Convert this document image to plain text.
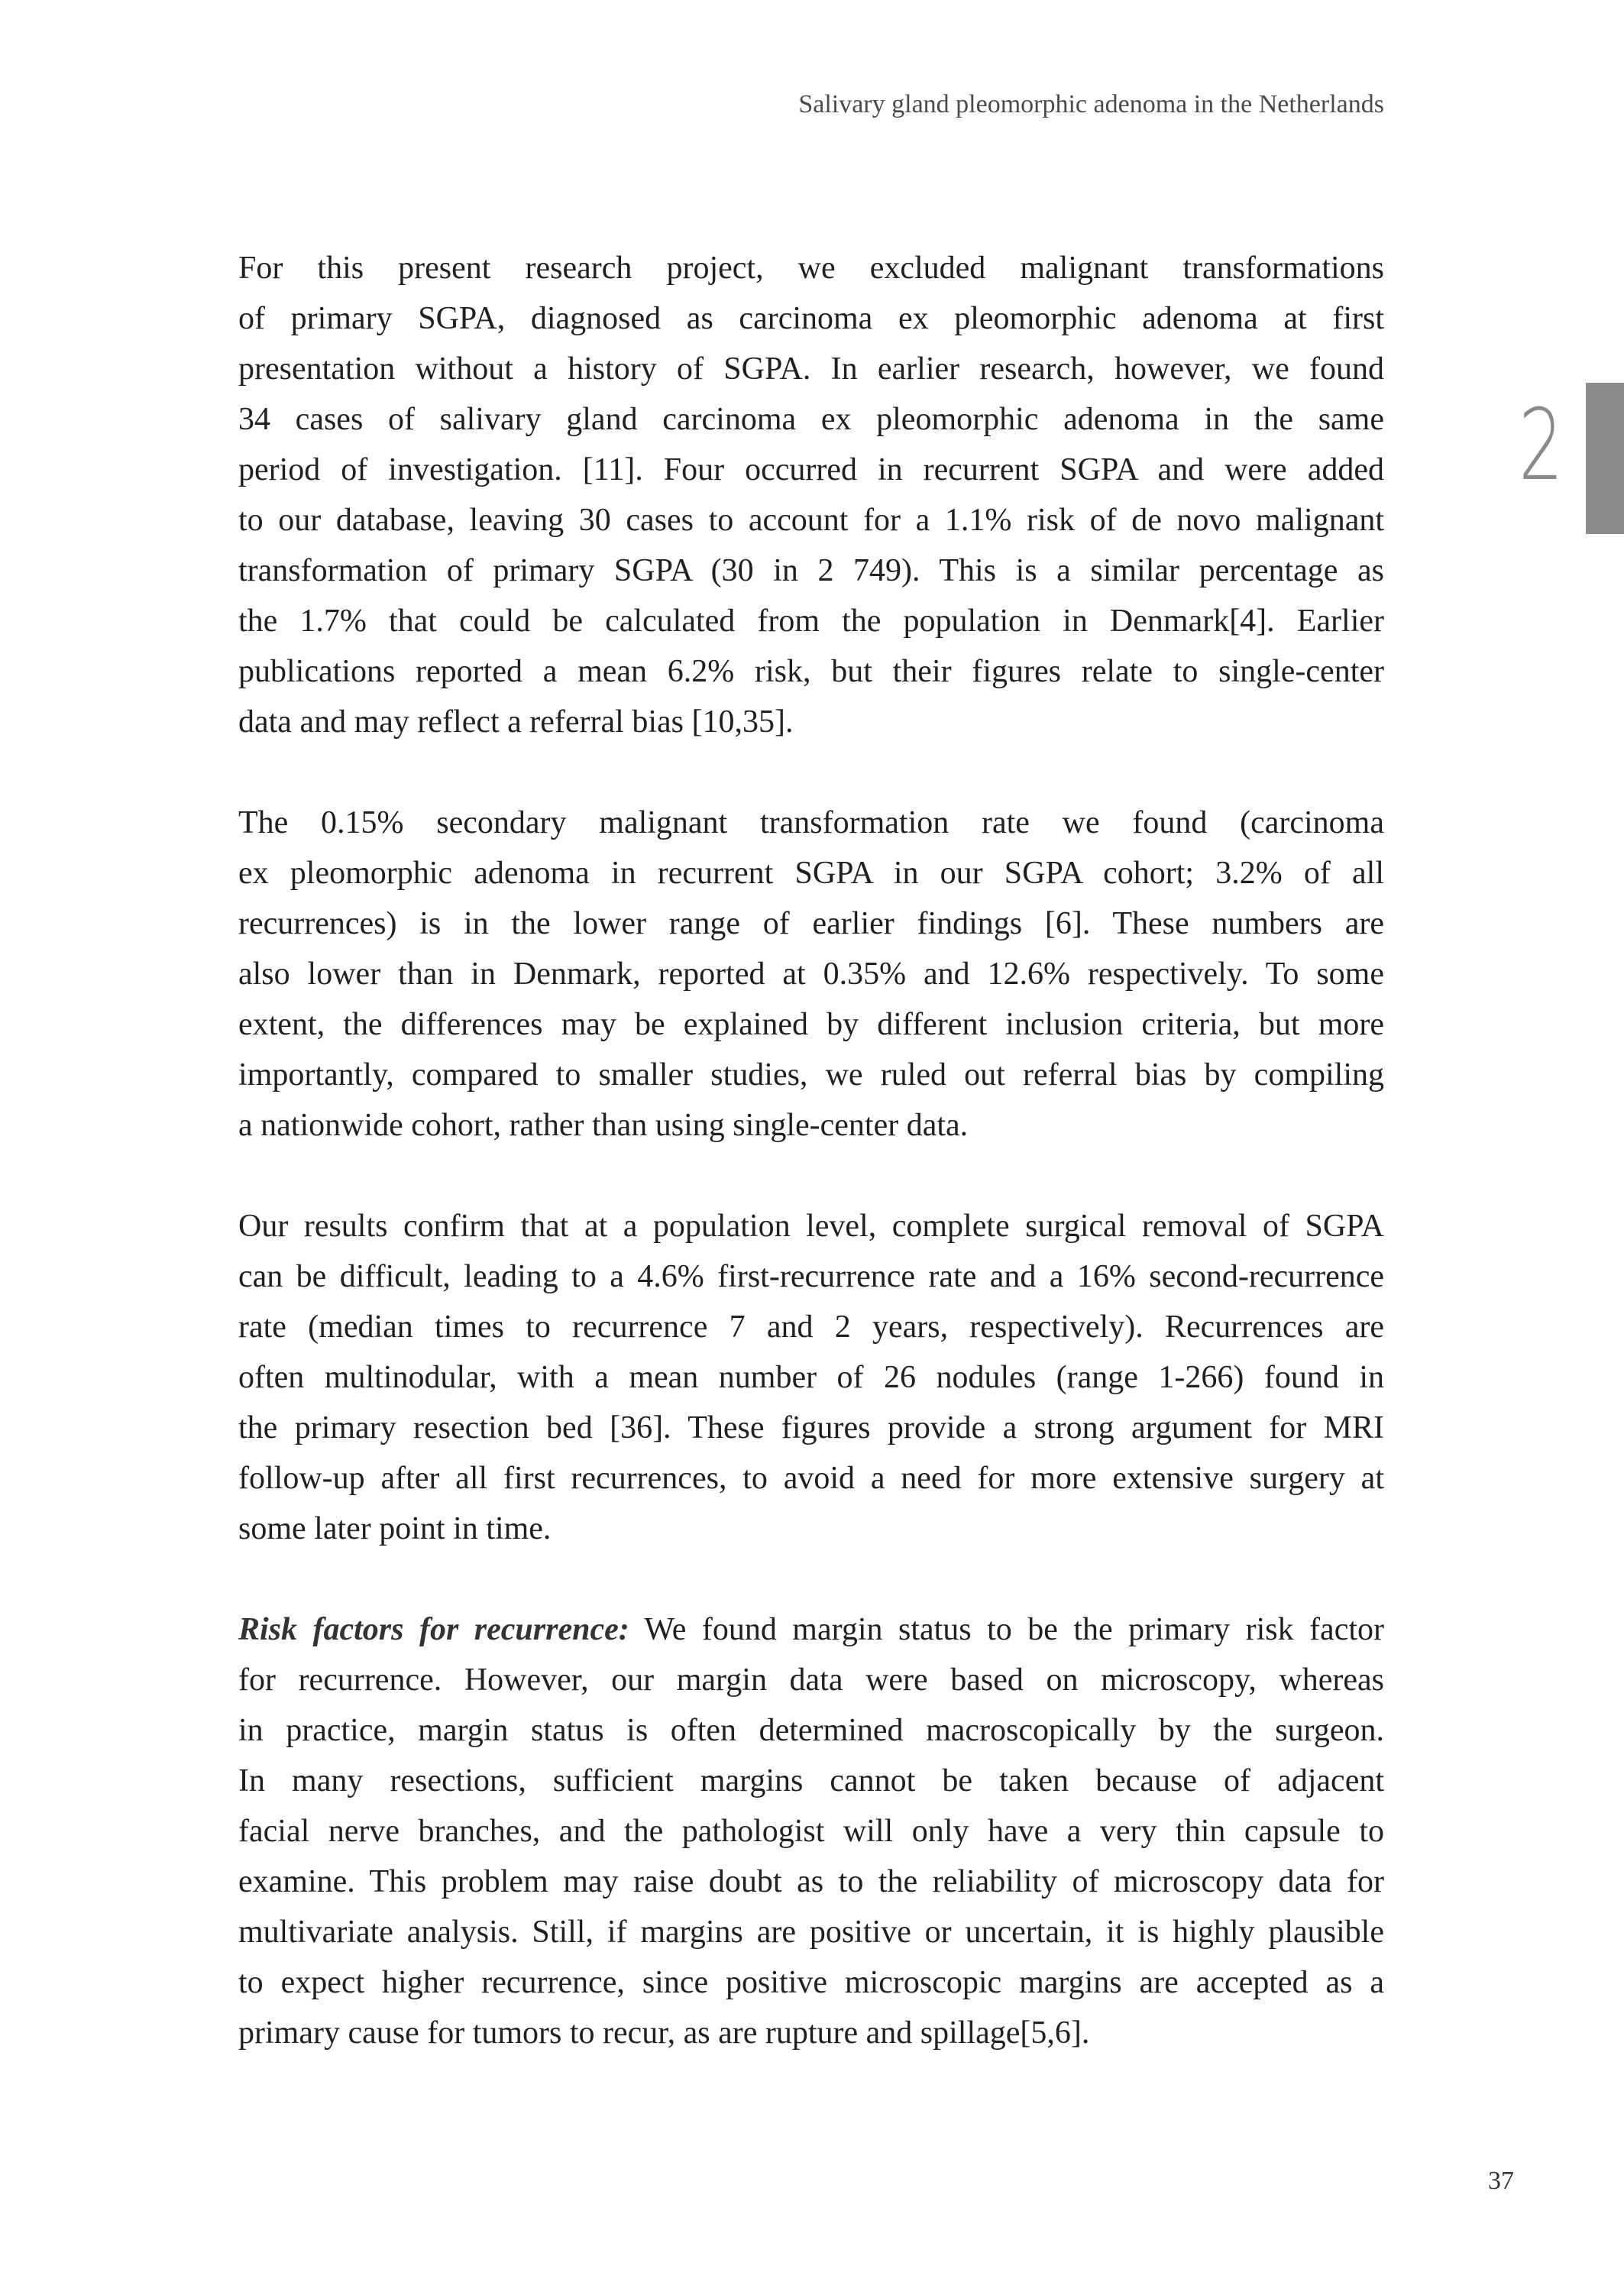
Salivary gland pleomorphic adenoma in the Netherlands
2
For this present research project, we excluded malignant transformations
of primary SGPA, diagnosed as carcinoma ex pleomorphic adenoma at first
presentation without a history of SGPA. In earlier research, however, we found
34 cases of salivary gland carcinoma ex pleomorphic adenoma in the same
period of investigation. [11]. Four occurred in recurrent SGPA and were added
to our database, leaving 30 cases to account for a 1.1% risk of de novo malignant
transformation of primary SGPA (30 in 2 749). This is a similar percentage as
the 1.7% that could be calculated from the population in Denmark[4]. Earlier
publications reported a mean 6.2% risk, but their figures relate to single-center
data and may reflect a referral bias [10,35].
The 0.15% secondary malignant transformation rate we found (carcinoma
ex pleomorphic adenoma in recurrent SGPA in our SGPA cohort; 3.2% of all
recurrences) is in the lower range of earlier findings [6]. These numbers are
also lower than in Denmark, reported at 0.35% and 12.6% respectively. To some
extent, the differences may be explained by different inclusion criteria, but more
importantly, compared to smaller studies, we ruled out referral bias by compiling
a nationwide cohort, rather than using single-center data.
Our results confirm that at a population level, complete surgical removal of SGPA
can be difficult, leading to a 4.6% first-recurrence rate and a 16% second-recurrence
rate (median times to recurrence 7 and 2 years, respectively). Recurrences are
often multinodular, with a mean number of 26 nodules (range 1-266) found in
the primary resection bed [36]. These figures provide a strong argument for MRI
follow-up after all first recurrences, to avoid a need for more extensive surgery at
some later point in time.
Risk factors for recurrence: We found margin status to be the primary risk factor
for recurrence. However, our margin data were based on microscopy, whereas
in practice, margin status is often determined macroscopically by the surgeon.
In many resections, sufficient margins cannot be taken because of adjacent
facial nerve branches, and the pathologist will only have a very thin capsule to
examine. This problem may raise doubt as to the reliability of microscopy data for
multivariate analysis. Still, if margins are positive or uncertain, it is highly plausible
to expect higher recurrence, since positive microscopic margins are accepted as a
primary cause for tumors to recur, as are rupture and spillage[5,6].
37
